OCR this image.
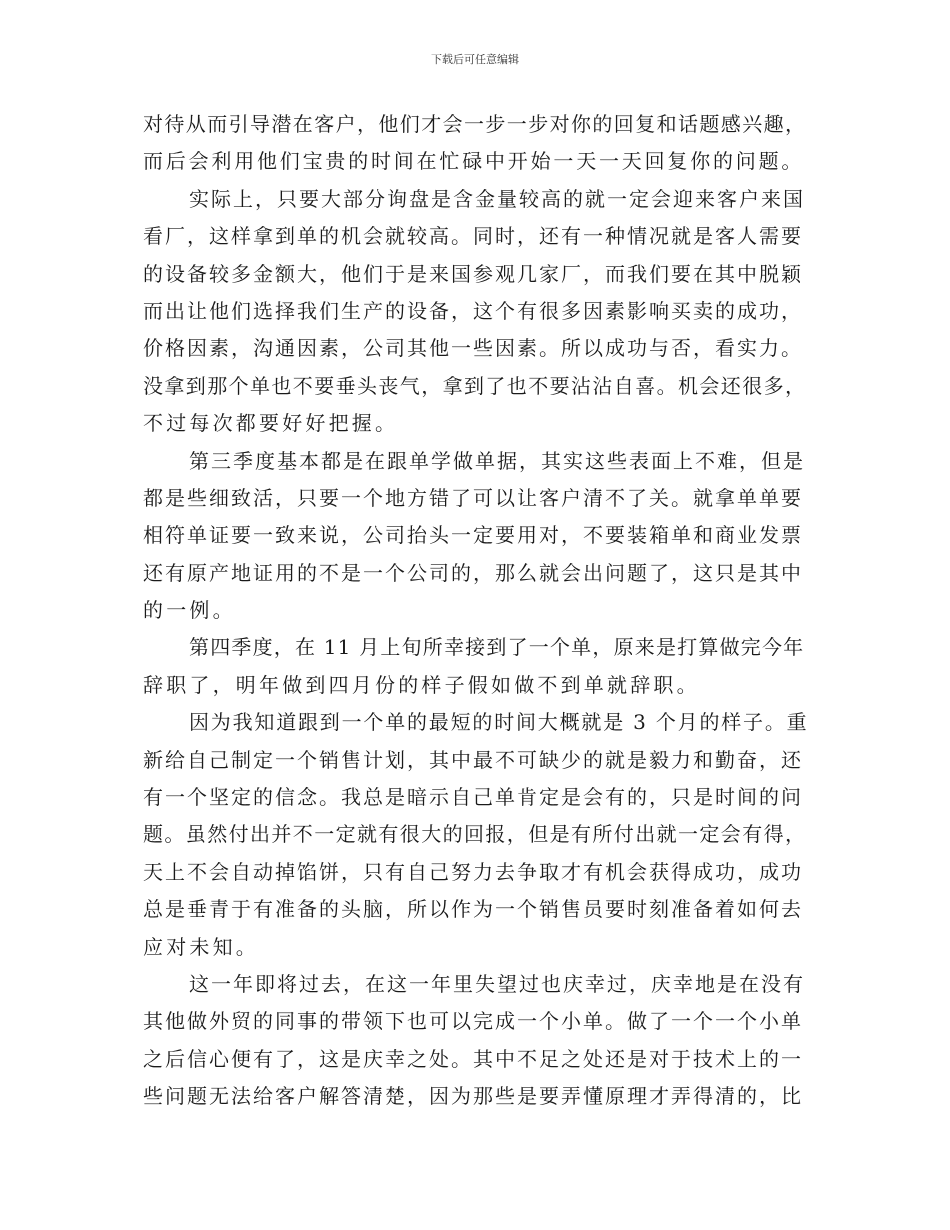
下载后可任意编辑
对待从而引导潜在客户，他们才会一步一步对你的回复和话题感兴趣，
而后会利用他们宝贵的时间在忙碌中开始一天一天回复你的问题。
实际上，只要大部分询盘是含金量较高的就一定会迎来客户来国
看厂，这样拿到单的机会就较高。同时，还有一种情况就是客人需要
的设备较多金额大，他们于是来国参观几家厂，而我们要在其中脱颖
而出让他们选择我们生产的设备，这个有很多因素影响买卖的成功，
价格因素，沟通因素，公司其他一些因素。所以成功与否，看实力。
没拿到那个单也不要垂头丧气，拿到了也不要沾沾自喜。机会还很多，
不过每次都要好好把握。
第三季度基本都是在跟单学做单据，其实这些表面上不难，但是
都是些细致活，只要一个地方错了可以让客户清不了关。就拿单单要
相符单证要一致来说，公司抬头一定要用对，不要装箱单和商业发票
还有原产地证用的不是一个公司的，那么就会出问题了，这只是其中
的一例。
第四季度，在 11 月上旬所幸接到了一个单，原来是打算做完今年
辞职了，明年做到四月份的样子假如做不到单就辞职。
因为我知道跟到一个单的最短的时间大概就是 3 个月的样子。重
新给自己制定一个销售计划，其中最不可缺少的就是毅力和勤奋，还
有一个坚定的信念。我总是暗示自己单肯定是会有的，只是时间的问
题。虽然付出并不一定就有很大的回报，但是有所付出就一定会有得，
天上不会自动掉馅饼，只有自己努力去争取才有机会获得成功，成功
总是垂青于有准备的头脑，所以作为一个销售员要时刻准备着如何去
应对未知。
这一年即将过去，在这一年里失望过也庆幸过，庆幸地是在没有
其他做外贸的同事的带领下也可以完成一个小单。做了一个一个小单
之后信心便有了，这是庆幸之处。其中不足之处还是对于技术上的一
些问题无法给客户解答清楚，因为那些是要弄懂原理才弄得清的，比
